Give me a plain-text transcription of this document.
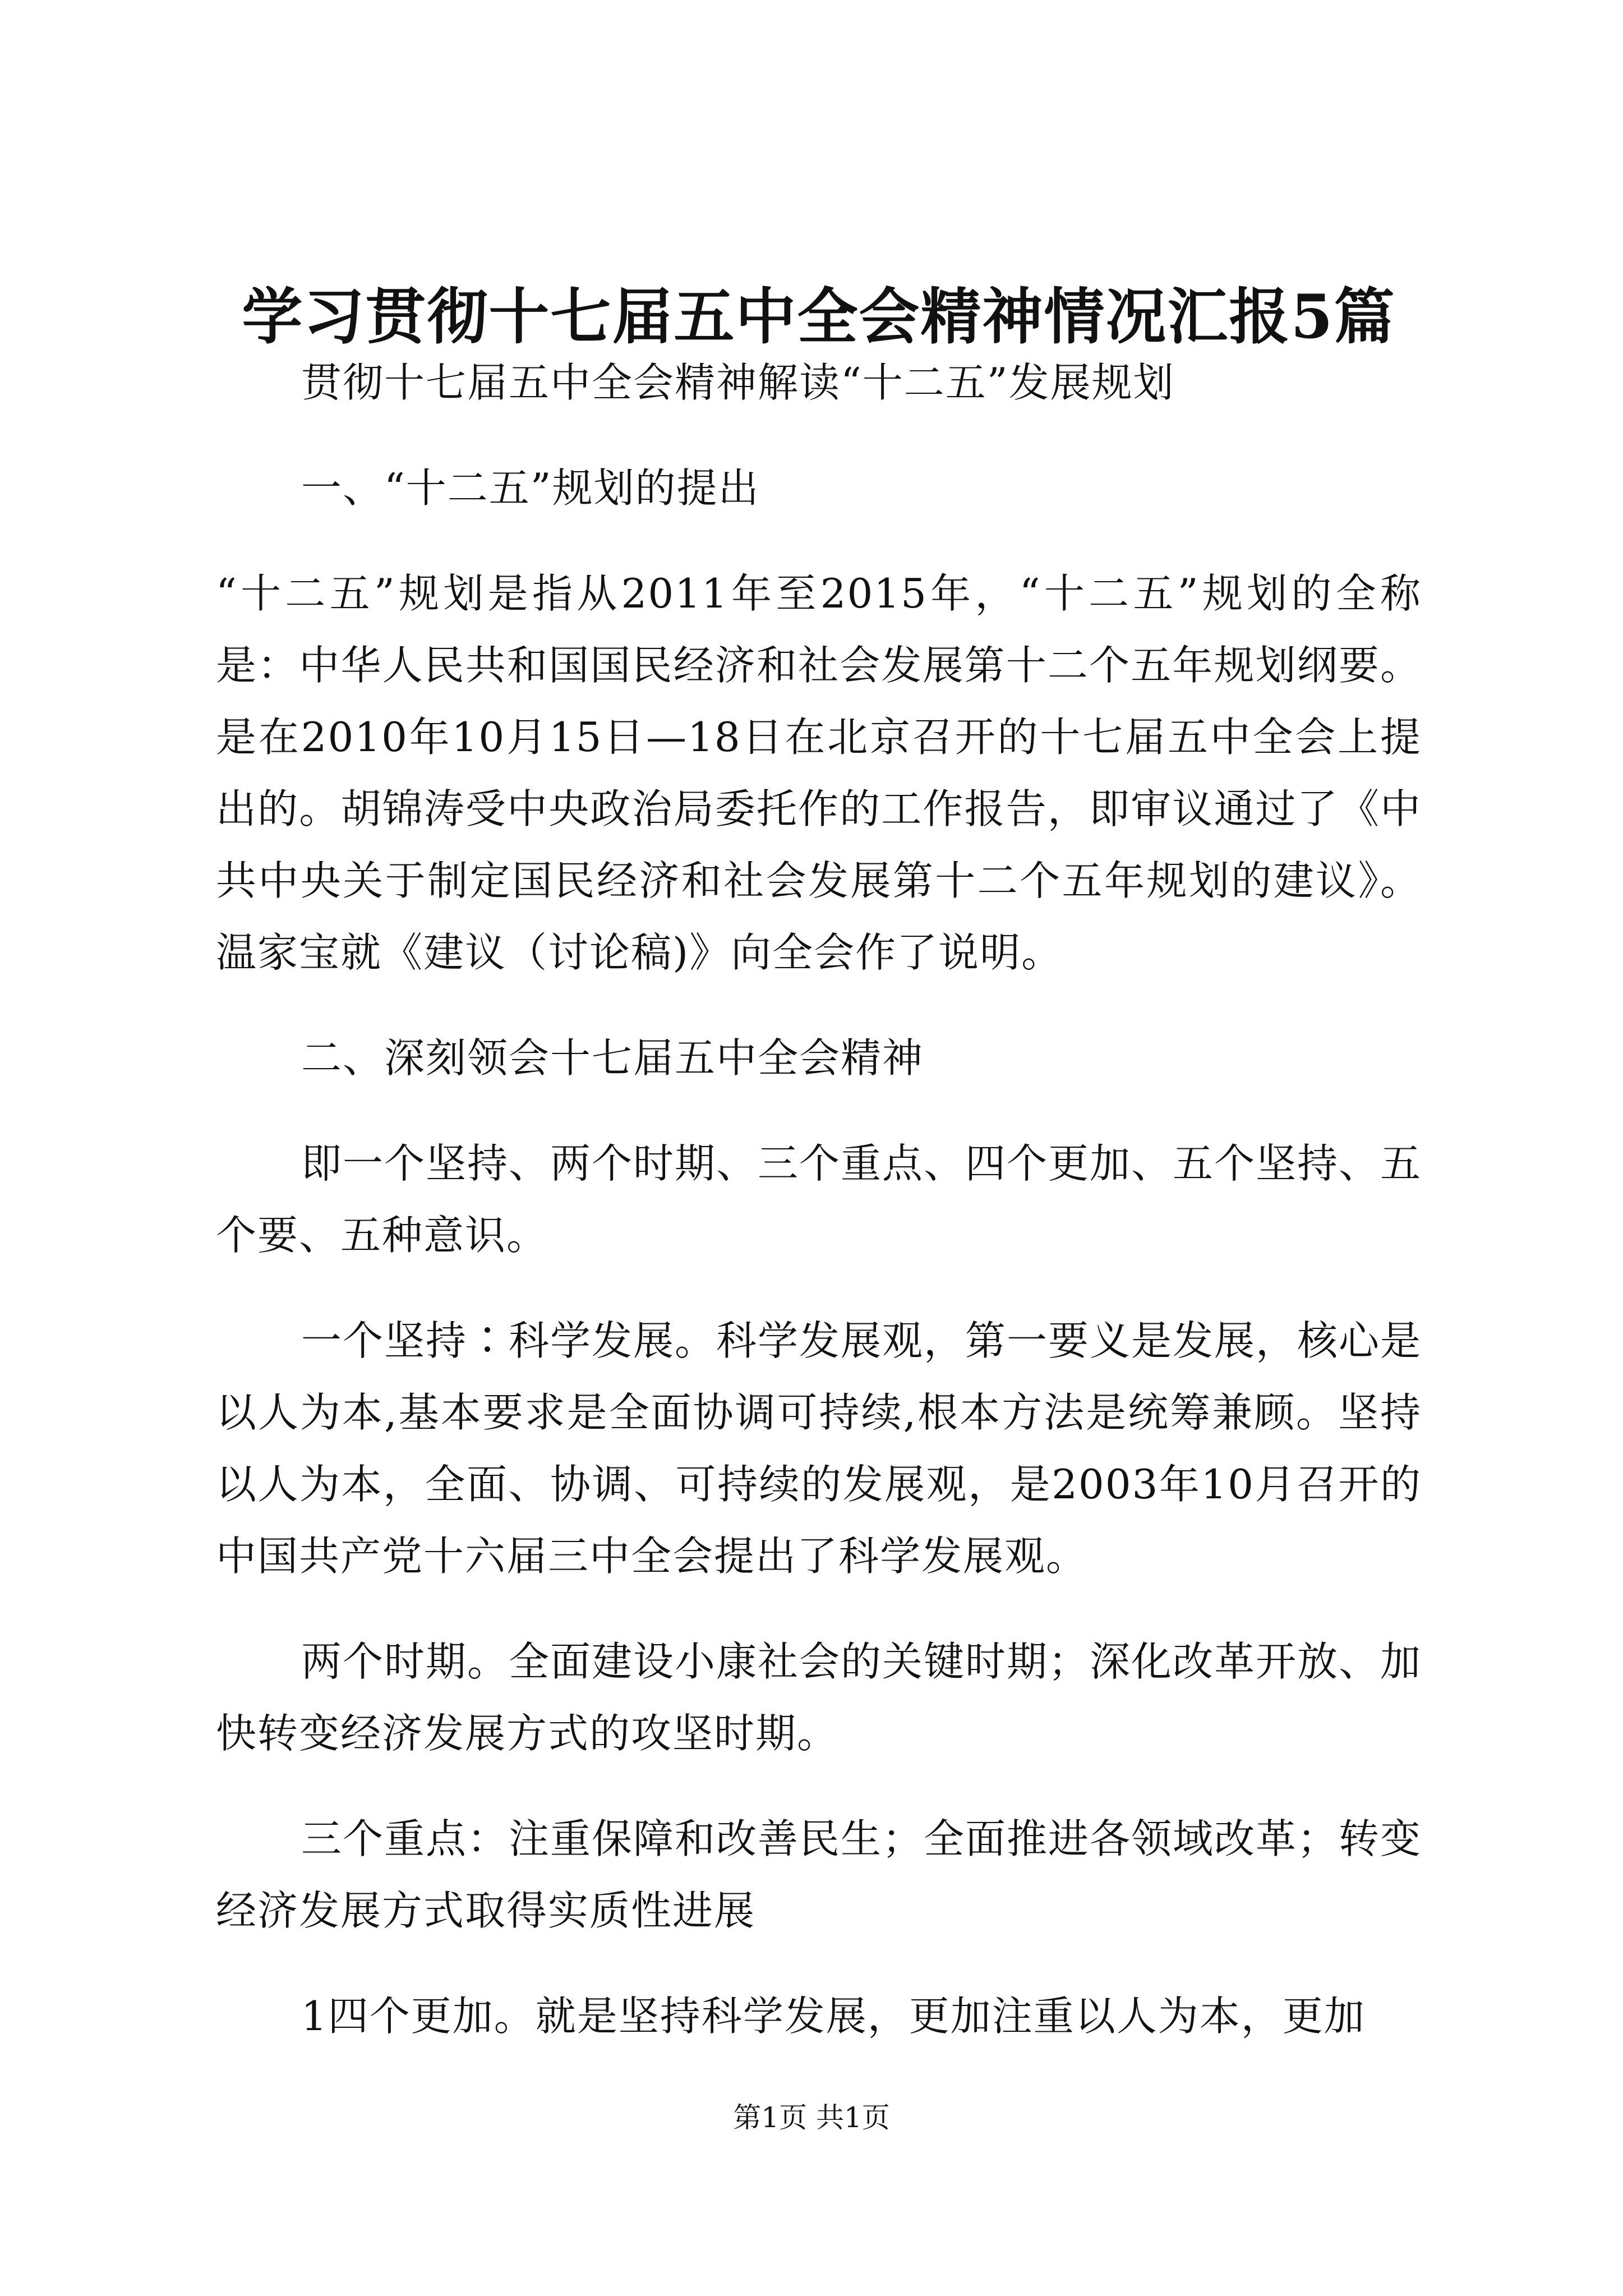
学习贯彻十七届五中全会精神情况汇报5篇

贯彻十七届五中全会精神解读“十二五”发展规划

一、“十二五”规划的提出

“十二五”规划是指从2011年至2015年，“十二五”规划的全称是：中华人民共和国国民经济和社会发展第十二个五年规划纲要。是在2010年10月15日—18日在北京召开的十七届五中全会上提出的。胡锦涛受中央政治局委托作的工作报告，即审议通过了《中共中央关于制定国民经济和社会发展第十二个五年规划的建议》。温家宝就《建议（讨论稿)》向全会作了说明。

二、深刻领会十七届五中全会精神

即一个坚持、两个时期、三个重点、四个更加、五个坚持、五个要、五种意识。

一个坚持∶科学发展。科学发展观，第一要义是发展，核心是以人为本,基本要求是全面协调可持续,根本方法是统筹兼顾。坚持以人为本，全面、协调、可持续的发展观，是2003年10月召开的中国共产党十六届三中全会提出了科学发展观。

两个时期。全面建设小康社会的关键时期；深化改革开放、加快转变经济发展方式的攻坚时期。

三个重点：注重保障和改善民生；全面推进各领域改革；转变经济发展方式取得实质性进展

1四个更加。就是坚持科学发展，更加注重以人为本，更加

第1页 共1页
